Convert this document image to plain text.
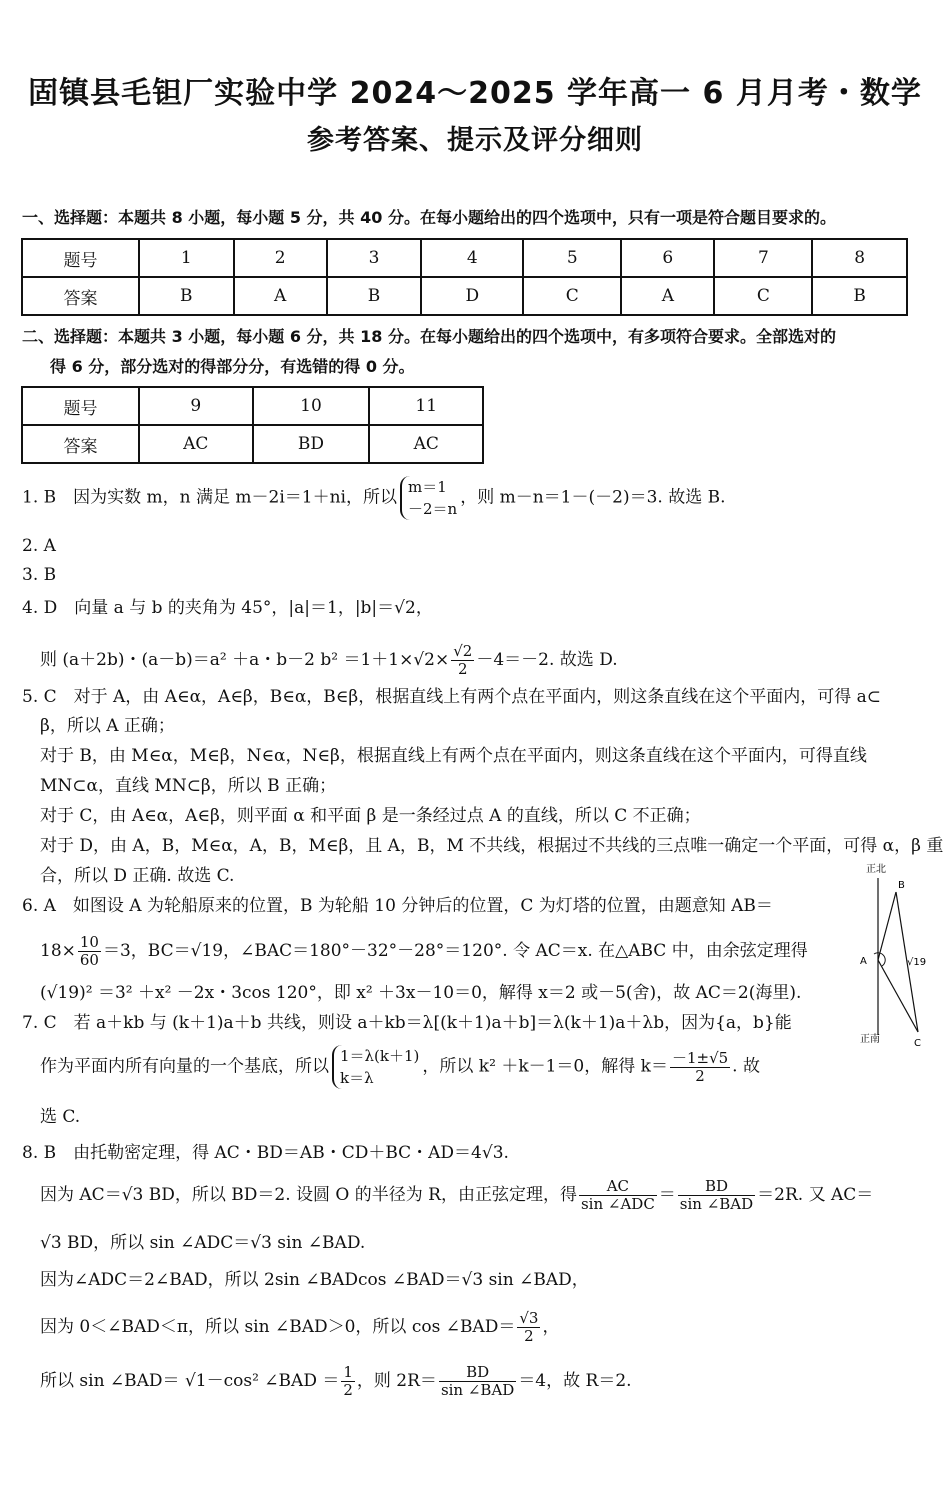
固镇县毛钽厂实验中学 2024～2025 学年高一 6 月月考・数学
参考答案、提示及评分细则
一、选择题：本题共 8 小题，每小题 5 分，共 40 分。在每小题给出的四个选项中，只有一项是符合题目要求的。
题号	1	2	3	4	5	6	7	8
答案	B	A	B	D	C	A	C	B
二、选择题：本题共 3 小题，每小题 6 分，共 18 分。在每小题给出的四个选项中，有多项符合要求。全部选对的
得 6 分，部分选对的得部分分，有选错的得 0 分。
题号	9	10	11
答案	AC	BD	AC
1. B　因为实数 m，n 满足 m－2i＝1＋ni，所以
m＝1
－2＝n
，则 m－n＝1－(－2)＝3. 故选 B.
2. A
3. B
4. D　向量 a 与 b 的夹角为 45°，|a|＝1，|b|＝√2，
则 (a＋2b)・(a－b)＝a² ＋a・b－2 $b^2 =1+1\times√2\times \frac{√2}{2} -4=-2$. 故选 D.
5. C　对于 A，由 A∈α，A∈β，B∈α，B∈β，根据直线上有两个点在平面内，则这条直线在这个平面内，可得 a⊂
β，所以 A 正确；
对于 B，由 M∈α，M∈β，N∈α，N∈β，根据直线上有两个点在平面内，则这条直线在这个平面内，可得直线
MN⊂α，直线 MN⊂β，所以 B 正确；
对于 C，由 A∈α，A∈β，则平面 α 和平面 β 是一条经过点 A 的直线，所以 C 不正确；
对于 D，由 A，B，M∈α，A，B，M∈β，且 A，B，M 不共线，根据过不共线的三点唯一确定一个平面，可得 α，β 重
合，所以 D 正确. 故选 C.
6. A　如图设 A 为轮船原来的位置，B 为轮船 10 分钟后的位置，C 为灯塔的位置，由题意知 AB＝
$18\times \frac{10}{60} =3$，BC＝√19，∠BAC＝180°－32°－28°＝120°. 令 AC＝x. 在△ABC 中，由余弦定理得
(√19)² ＝3² ＋x² －2x・3cos 120°，即 x² ＋3x－10＝0，解得 x＝2 或－5(舍)，故 AC＝2(海里).
7. C　若 a＋kb 与 (k＋1)a＋b 共线，则设 a＋kb＝λ[(k＋1)a＋b]＝λ(k＋1)a＋λb，因为{a，b}能
作为平面内所有向量的一个基底，所以
1＝λ(k＋1)
k＝λ
，所以 k² ＋k－1＝0，解得 $k= \frac{-1\pm√5}{2}$ . 故
选 C.
8. B　由托勒密定理，得 AC・BD＝AB・CD＋BC・AD＝4√3.
因为 AC＝√3 BD，所以 BD＝2. 设圆 O 的半径为 R，由正弦定理，得 $\frac{AC}{\text{sin ∠ADC}} = \frac{BD}{\text{sin ∠BAD}} =2R$. 又 AC＝
√3 BD，所以 sin ∠ADC＝√3 sin ∠BAD.
因为∠ADC＝2∠BAD，所以 2sin ∠BADcos ∠BAD＝√3 sin ∠BAD，
因为 0＜∠BAD＜π，所以 sin ∠BAD＞0，所以 cos ∠BAD＝ $\frac{√3}{2}$ ，
所以 sin ∠BAD＝ √1－cos² ∠BAD ＝ $\frac{1}{2}$ ，则 $2R= \frac{BD}{\text{sin ∠BAD}} =4$，故 R＝2.
正北
正南
A
B
C
√19
